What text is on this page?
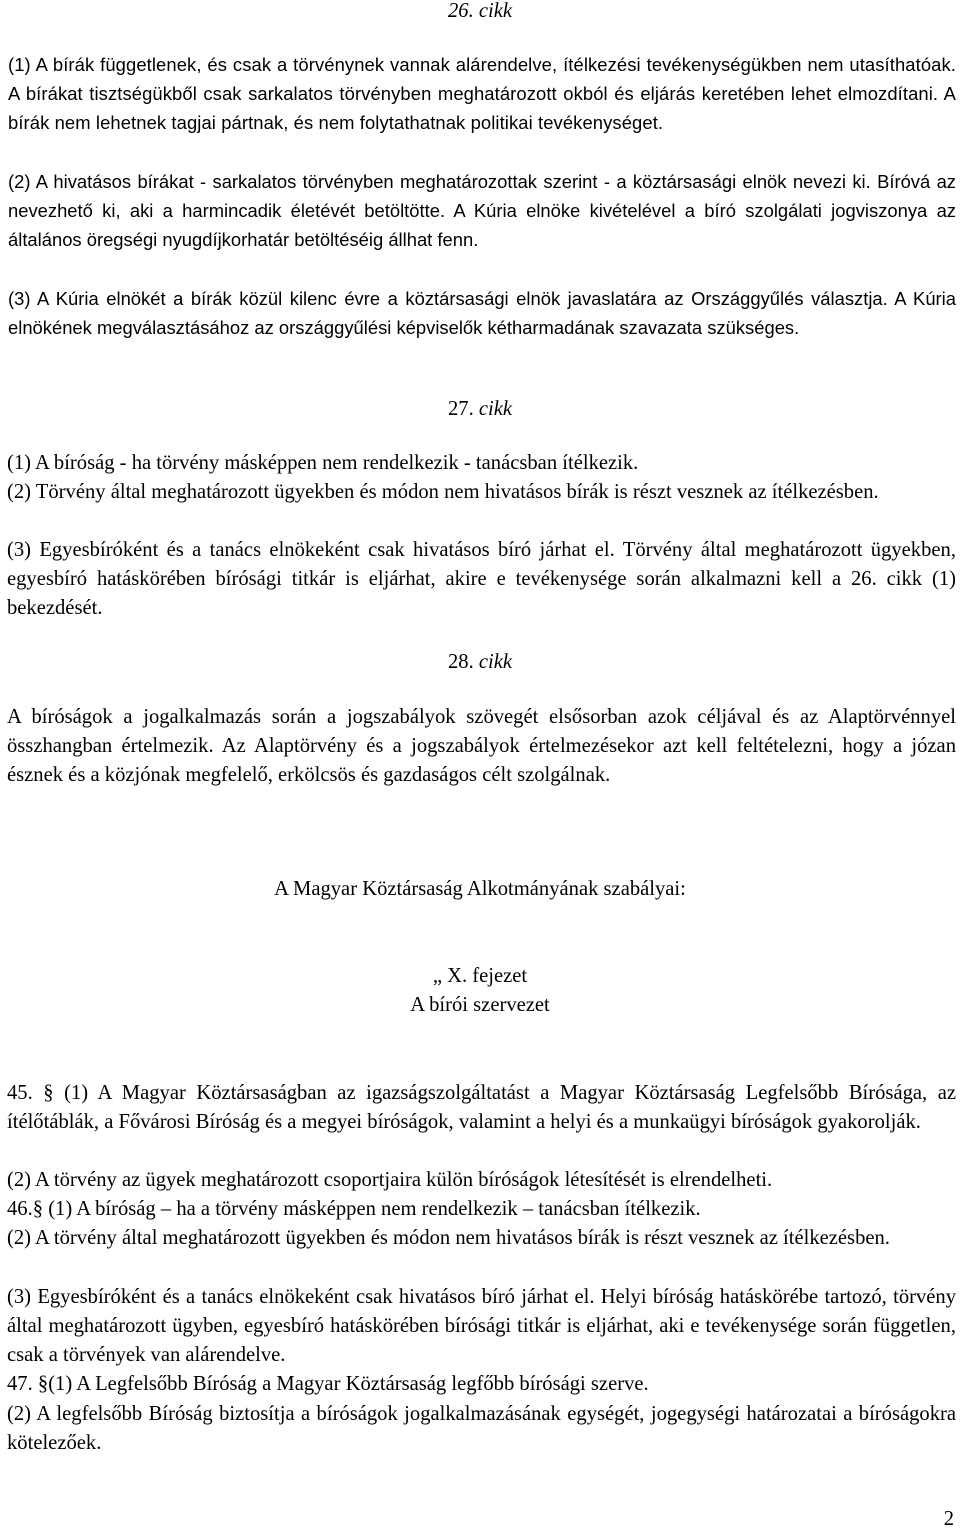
26. cikk

(1) A bírák függetlenek, és csak a törvénynek vannak alárendelve, ítélkezési tevékenységükben nem utasíthatóak. A bírákat tisztségükből csak sarkalatos törvényben meghatározott okból és eljárás keretében lehet elmozdítani. A bírák nem lehetnek tagjai pártnak, és nem folytathatnak politikai tevékenységet.

(2) A hivatásos bírákat - sarkalatos törvényben meghatározottak szerint - a köztársasági elnök nevezi ki. Bíróvá az nevezhető ki, aki a harmincadik életévét betöltötte. A Kúria elnöke kivételével a bíró szolgálati jogviszonya az általános öregségi nyugdíjkorhatár betöltéséig állhat fenn.

(3) A Kúria elnökét a bírák közül kilenc évre a köztársasági elnök javaslatára az Országgyűlés választja. A Kúria elnökének megválasztásához az országgyűlési képviselők kétharmadának szavazata szükséges.

27. cikk

(1) A bíróság - ha törvény másképpen nem rendelkezik - tanácsban ítélkezik.

(2) Törvény által meghatározott ügyekben és módon nem hivatásos bírák is részt vesznek az ítélkezésben.

(3) Egyesbíróként és a tanács elnökeként csak hivatásos bíró járhat el. Törvény által meghatározott ügyekben, egyesbíró hatáskörében bírósági titkár is eljárhat, akire e tevékenysége során alkalmazni kell a 26. cikk (1) bekezdését.

28. cikk

A bíróságok a jogalkalmazás során a jogszabályok szövegét elsősorban azok céljával és az Alaptörvénnyel összhangban értelmezik. Az Alaptörvény és a jogszabályok értelmezésekor azt kell feltételezni, hogy a józan észnek és a közjónak megfelelő, erkölcsös és gazdaságos célt szolgálnak.

A Magyar Köztársaság Alkotmányának szabályai:
„ X. fejezet
A bírói szervezet

45. § (1) A Magyar Köztársaságban az igazságszolgáltatást a Magyar Köztársaság Legfelsőbb Bírósága, az ítélőtáblák, a Fővárosi Bíróság és a megyei bíróságok, valamint a helyi és a munkaügyi bíróságok gyakorolják.

(2) A törvény az ügyek meghatározott csoportjaira külön bíróságok létesítését is elrendelheti.

46.§ (1) A bíróság – ha a törvény másképpen nem rendelkezik – tanácsban ítélkezik.

(2) A törvény által meghatározott ügyekben és módon nem hivatásos bírák is részt vesznek az ítélkezésben.

(3) Egyesbíróként és a tanács elnökeként csak hivatásos bíró járhat el. Helyi bíróság hatáskörébe tartozó, törvény által meghatározott ügyben, egyesbíró hatáskörében bírósági titkár is eljárhat, aki e tevékenysége során független, csak a törvények van alárendelve.

47. §(1) A Legfelsőbb Bíróság a Magyar Köztársaság legfőbb bírósági szerve.

(2) A legfelsőbb Bíróság biztosítja a bíróságok jogalkalmazásának egységét, jogegységi határozatai a bíróságokra kötelezőek.

2
